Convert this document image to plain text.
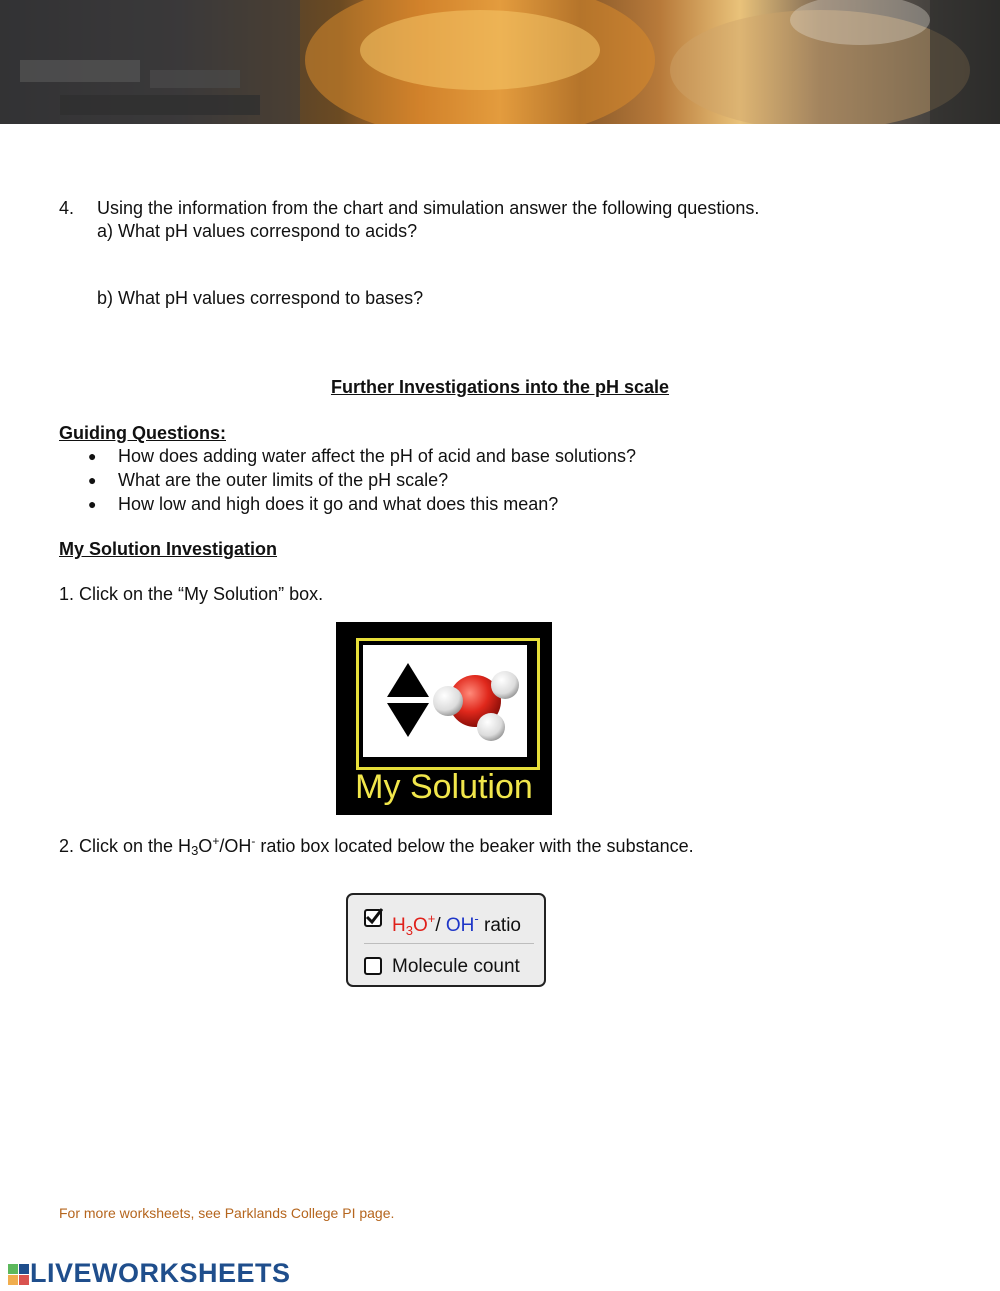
4. Using the information from the chart and simulation answer the following questions.
a) What pH values correspond to acids?
b) What pH values correspond to bases?
Further Investigations into the pH scale
Guiding Questions:
● How does adding water affect the pH of acid and base solutions?
● What are the outer limits of the pH scale?
● How low and high does it go and what does this mean?
My Solution Investigation
1. Click on the “My Solution” box.
My Solution
2. Click on the H3O+/OH- ratio box located below the beaker with the substance.
$H_3O^+/$ OH- ratio
Molecule count
For more worksheets, see Parklands College PI page.
LIVEWORKSHEETS
